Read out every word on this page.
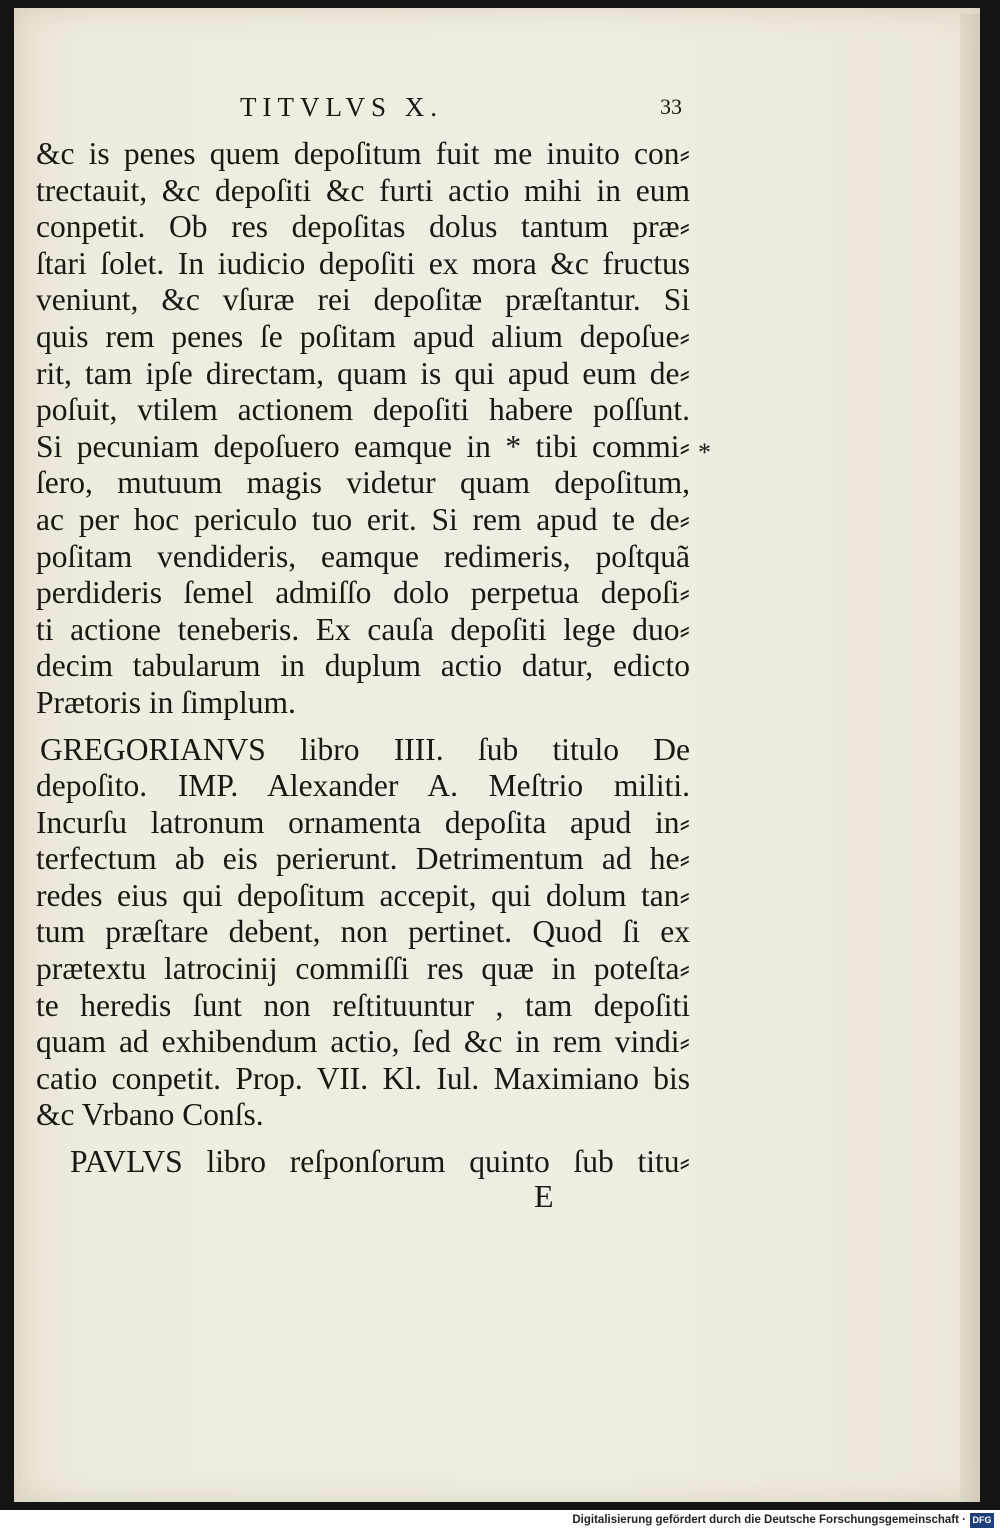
TITVLVS X.	33
&c is penes quem depoſitum fuit me inuito con⸗
trectauit, &c depoſiti &c furti actio mihi in eum
conpetit. Ob res depoſitas dolus tantum præ⸗
ſtari ſolet. In iudicio depoſiti ex mora &c fructus
veniunt, &c vſuræ rei depoſitæ præſtantur. Si
quis rem penes ſe poſitam apud alium depoſue⸗
rit, tam ipſe directam, quam is qui apud eum de⸗
poſuit, vtilem actionem depoſiti habere poſſunt.
Si pecuniam depoſuero eamque in * tibi commi⸗
ſero, mutuum magis videtur quam depoſitum,
ac per hoc periculo tuo erit. Si rem apud te de⸗
poſitam vendideris, eamque redimeris, poſtquã
perdideris ſemel admiſſo dolo perpetua depoſi⸗
ti actione teneberis. Ex cauſa depoſiti lege duo⸗
decim tabularum in duplum actio datur, edicto
Prætoris in ſimplum.
GREGORIANVS libro IIII. ſub titulo De
depoſito. IMP. Alexander A. Meſtrio militi.
Incurſu latronum ornamenta depoſita apud in⸗
terfectum ab eis perierunt. Detrimentum ad he⸗
redes eius qui depoſitum accepit, qui dolum tan⸗
tum præſtare debent, non pertinet. Quod ſi ex
prætextu latrocinij commiſſi res quæ in poteſta⸗
te heredis ſunt non reſtituuntur , tam depoſiti
quam ad exhibendum actio, ſed &c in rem vindi⸗
catio conpetit. Prop. VII. Kl. Iul. Maximiano bis
&c Vrbano Conſs.
PAVLVS libro reſponſorum quinto ſub titu⸗
*
E
Digitalisierung gefördert durch die Deutsche Forschungsgemeinschaft · DFG
